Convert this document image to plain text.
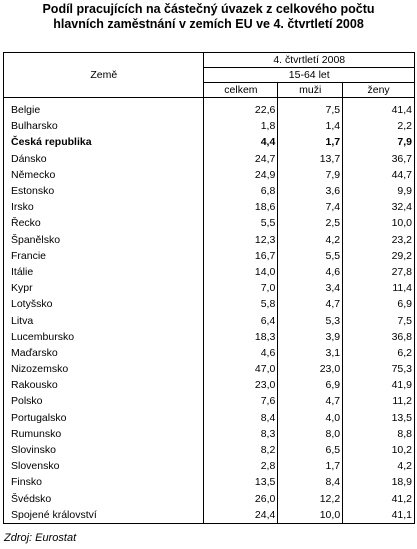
Podíl pracujících na částečný úvazek z celkového počtu
hlavních zaměstnání v zemích EU ve 4. čtvrtletí 2008
Země	4. čtvrtletí 2008		
	15-64 let		
	celkem	muži	ženy
Belgie	22,6	7,5	41,4
Bulharsko	1,8	1,4	2,2
Česká republika	4,4	1,7	7,9
Dánsko	24,7	13,7	36,7
Německo	24,9	7,9	44,7
Estonsko	6,8	3,6	9,9
Irsko	18,6	7,4	32,4
Řecko	5,5	2,5	10,0
Španělsko	12,3	4,2	23,2
Francie	16,7	5,5	29,2
Itálie	14,0	4,6	27,8
Kypr	7,0	3,4	11,4
Lotyšsko	5,8	4,7	6,9
Litva	6,4	5,3	7,5
Lucembursko	18,3	3,9	36,8
Maďarsko	4,6	3,1	6,2
Nizozemsko	47,0	23,0	75,3
Rakousko	23,0	6,9	41,9
Polsko	7,6	4,7	11,2
Portugalsko	8,4	4,0	13,5
Rumunsko	8,3	8,0	8,8
Slovinsko	8,2	6,5	10,2
Slovensko	2,8	1,7	4,2
Finsko	13,5	8,4	18,9
Švédsko	26,0	12,2	41,2
Spojené království	24,4	10,0	41,1
Zdroj: Eurostat
